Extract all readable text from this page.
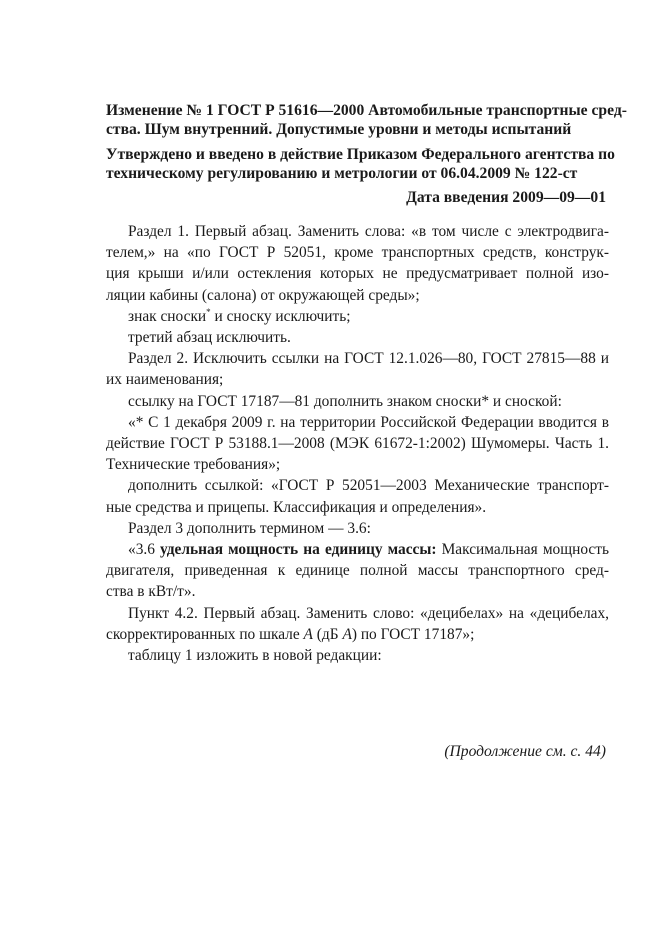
Изменение № 1 ГОСТ Р 51616—2000 Автомобильные транспортные сред-
ства. Шум внутренний. Допустимые уровни и методы испытаний
Утверждено и введено в действие Приказом Федерального агентства по
техническому регулированию и метрологии от 06.04.2009 № 122-ст
Дата введения 2009—09—01
Раздел 1. Первый абзац. Заменить слова: «в том числе с электродвига-
телем,» на «по ГОСТ Р 52051, кроме транспортных средств, конструк-
ция крыши и/или остекления которых не предусматривает полной изо-
ляции кабины (салона) от окружающей среды»;
знак сноски* и сноску исключить;
третий абзац исключить.
Раздел 2. Исключить ссылки на ГОСТ 12.1.026—80, ГОСТ 27815—88 и
их наименования;
ссылку на ГОСТ 17187—81 дополнить знаком сноски* и сноской:
«* С 1 декабря 2009 г. на территории Российской Федерации вводится в
действие ГОСТ Р 53188.1—2008 (МЭК 61672-1:2002) Шумомеры. Часть 1.
Технические требования»;
дополнить ссылкой: «ГОСТ Р 52051—2003 Механические транспорт-
ные средства и прицепы. Классификация и определения».
Раздел 3 дополнить термином — 3.6:
«3.6 удельная мощность на единицу массы: Максимальная мощность
двигателя, приведенная к единице полной массы транспортного сред-
ства в кВт/т».
Пункт 4.2. Первый абзац. Заменить слово: «децибелах» на «децибелах,
скорректированных по шкале А (дБ А) по ГОСТ 17187»;
таблицу 1 изложить в новой редакции:
(Продолжение см. с. 44)
